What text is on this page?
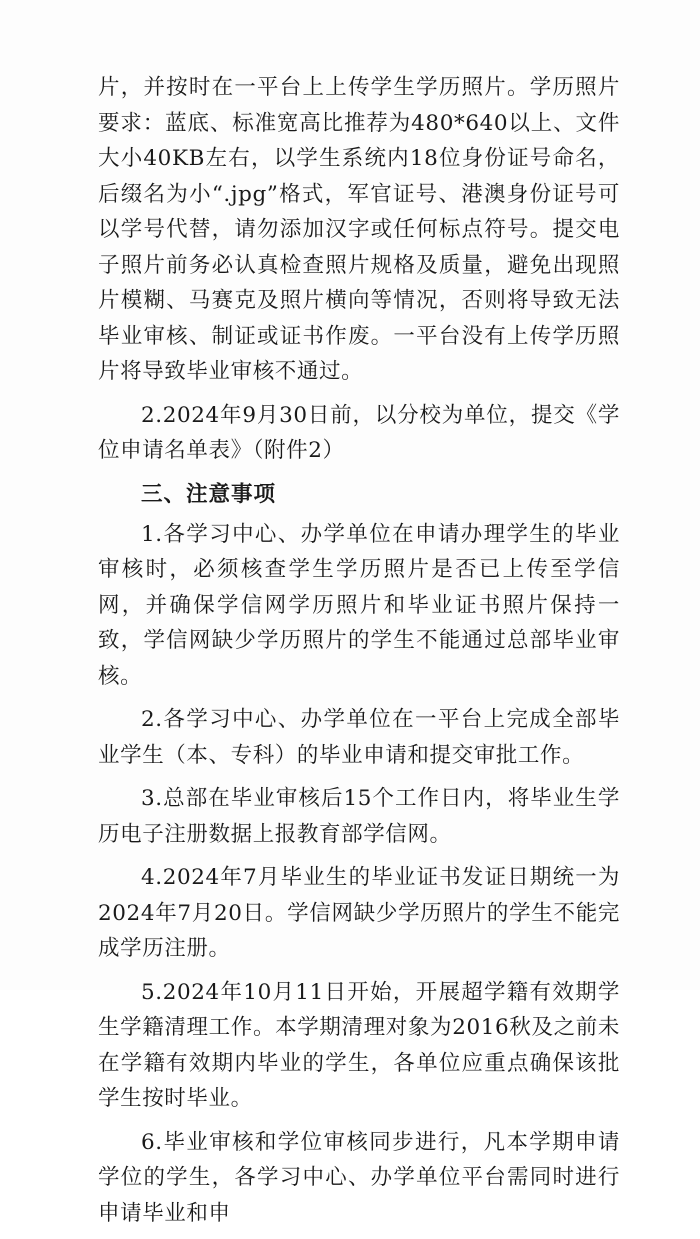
片，并按时在一平台上上传学生学历照片。学历照片要求：蓝底、标准宽高比推荐为480*640以上、文件大小40KB左右，以学生系统内18位身份证号命名，后缀名为小“.jpg”格式，军官证号、港澳身份证号可以学号代替，请勿添加汉字或任何标点符号。提交电子照片前务必认真检查照片规格及质量，避免出现照片模糊、马赛克及照片横向等情况，否则将导致无法毕业审核、制证或证书作废。一平台没有上传学历照片将导致毕业审核不通过。

2.2024年9月30日前，以分校为单位，提交《学位申请名单表》（附件2）

三、注意事项

1.各学习中心、办学单位在申请办理学生的毕业审核时，必须核查学生学历照片是否已上传至学信网，并确保学信网学历照片和毕业证书照片保持一致，学信网缺少学历照片的学生不能通过总部毕业审核。

2.各学习中心、办学单位在一平台上完成全部毕业学生（本、专科）的毕业申请和提交审批工作。

3.总部在毕业审核后15个工作日内，将毕业生学历电子注册数据上报教育部学信网。

4.2024年7月毕业生的毕业证书发证日期统一为2024年7月20日。学信网缺少学历照片的学生不能完成学历注册。

5.2024年10月11日开始，开展超学籍有效期学生学籍清理工作。本学期清理对象为2016秋及之前未在学籍有效期内毕业的学生，各单位应重点确保该批学生按时毕业。

6.毕业审核和学位审核同步进行，凡本学期申请学位的学生，各学习中心、办学单位平台需同时进行申请毕业和申
